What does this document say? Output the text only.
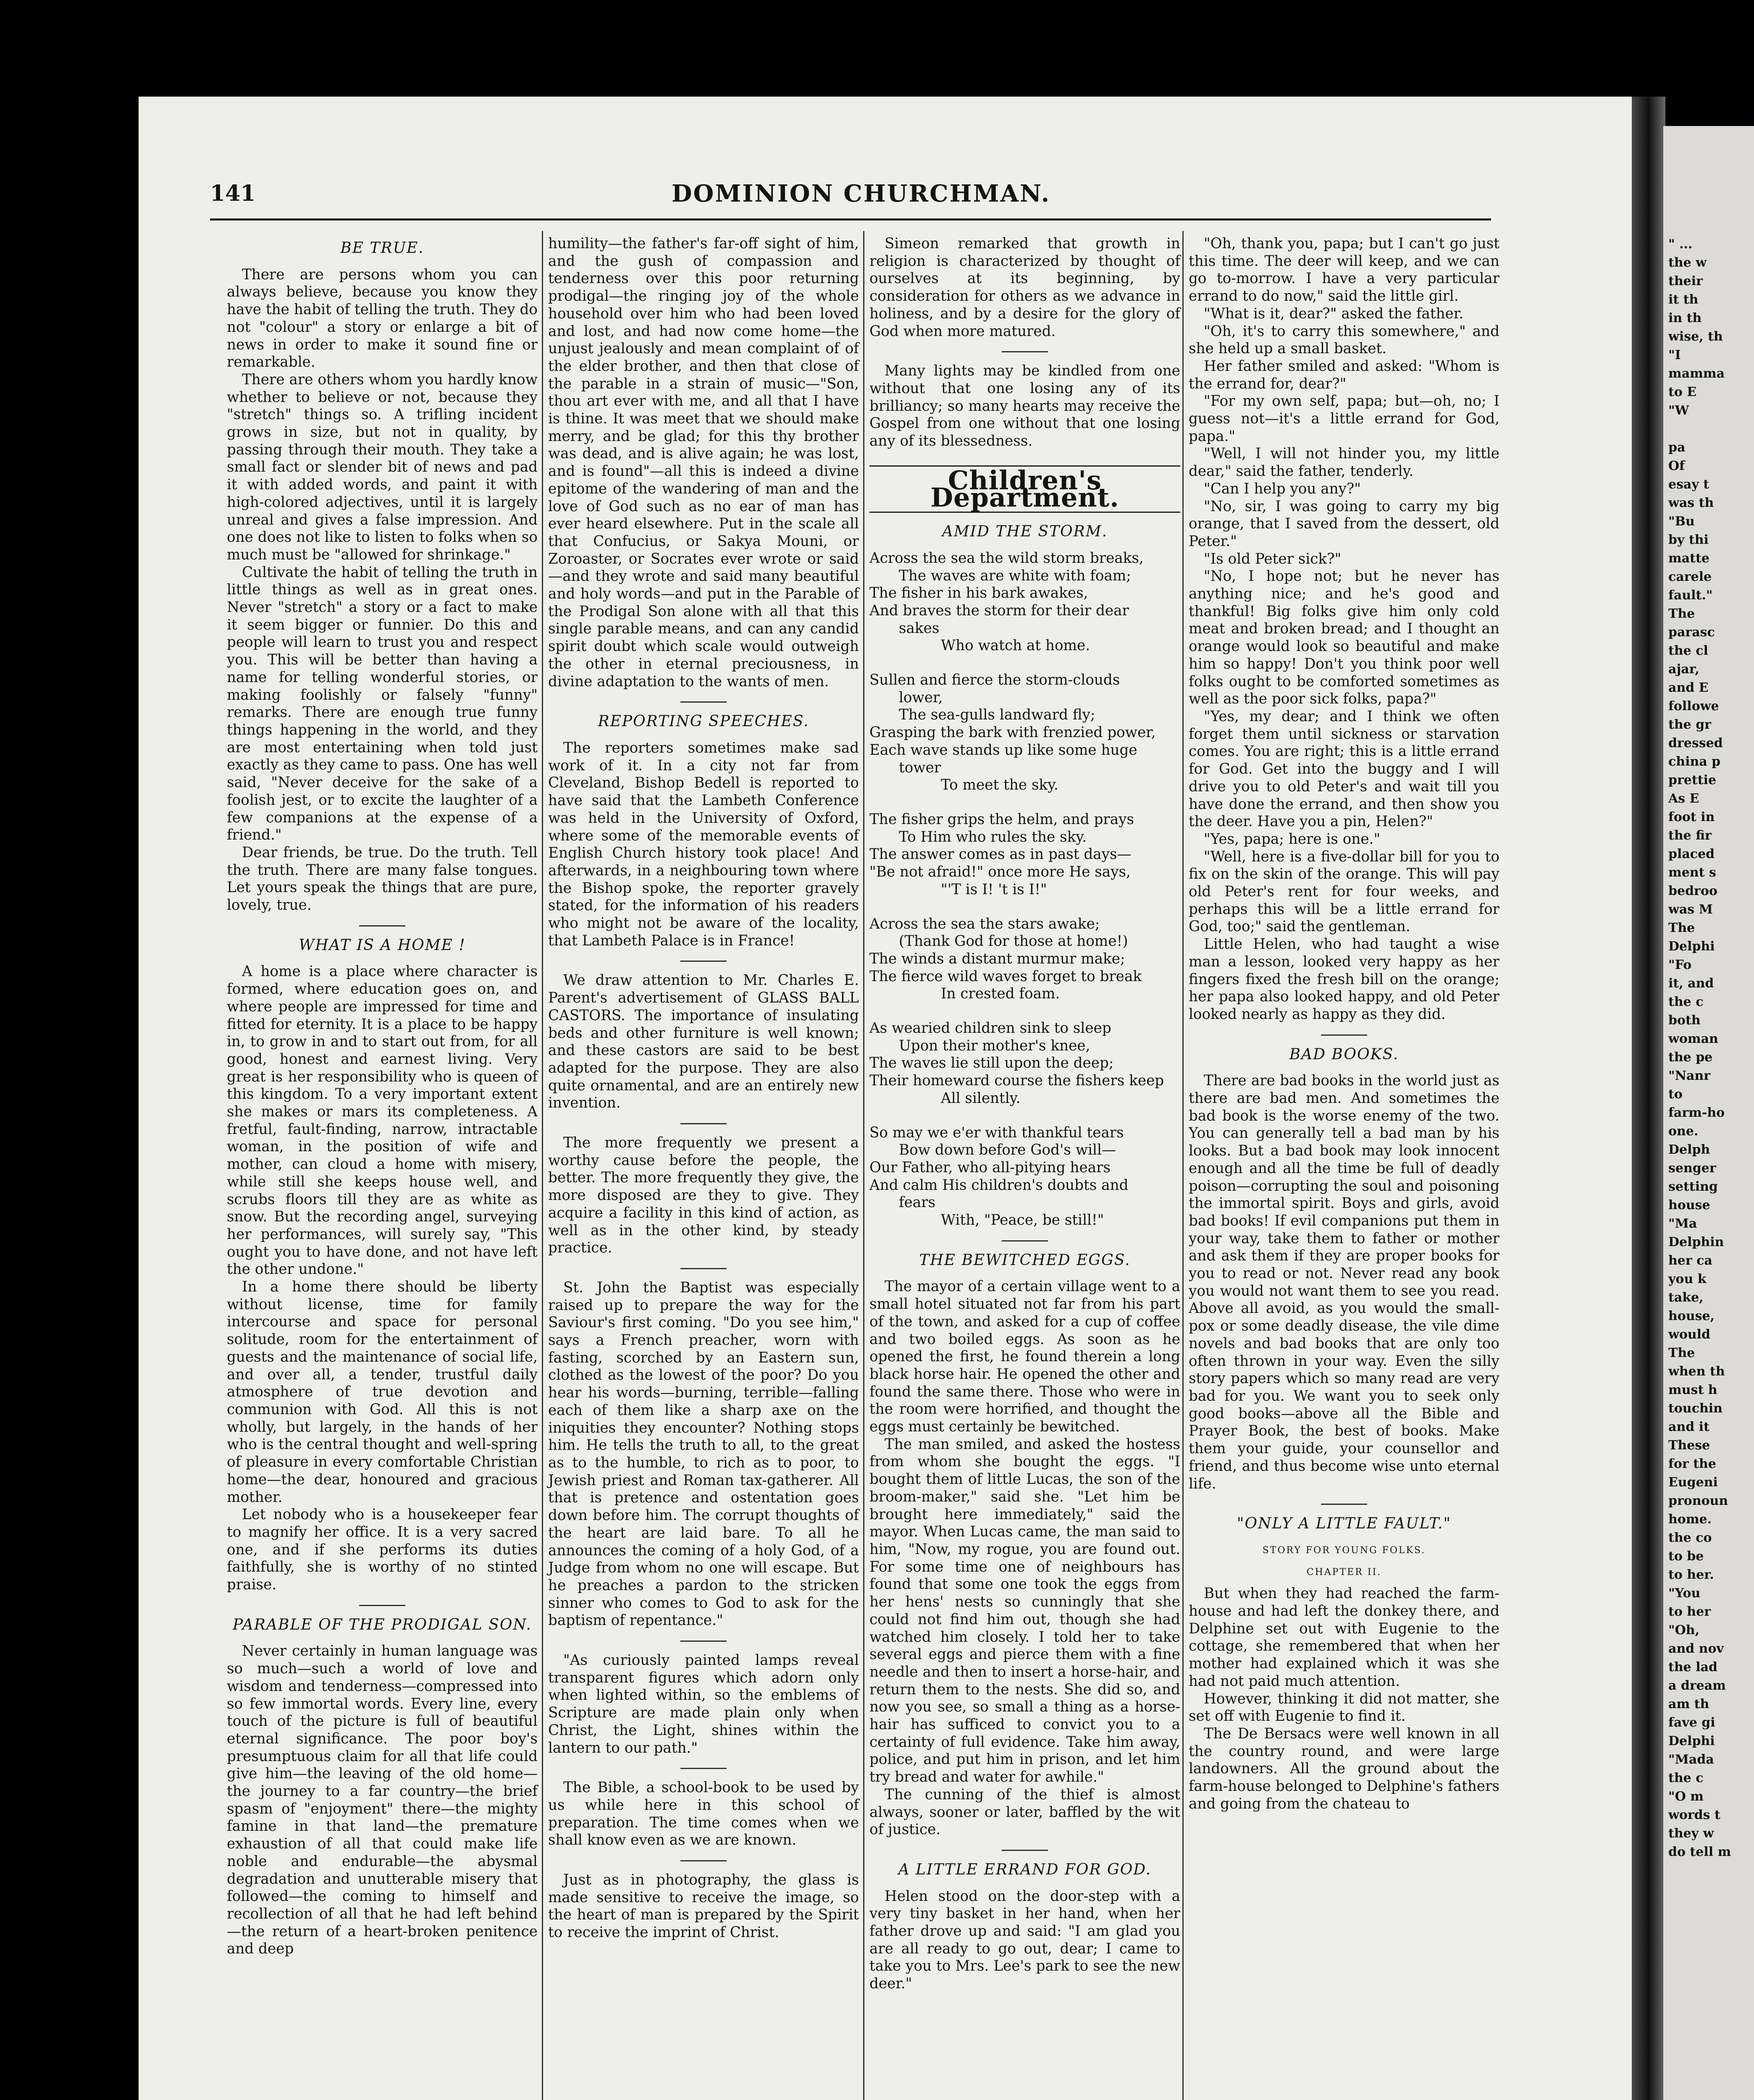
" ...
the w
their
it th
in th
wise, th
"I
mamma
to E
"W

pa
Of
esay t
was th
"Bu
by thi
matte
carele
fault."
The
parasc
the cl
ajar,
and E
followe
the gr
dressed
china p
prettie
As E
foot in
the fir
placed
ment s
bedroo
was M
The
Delphi
"Fo
it, and
the c
both
woman
the pe
"Nanr
to
farm-ho
one.
Delph
senger
setting
house
"Ma
Delphin
her ca
you k
take,
house,
would
The
when th
must h
touchin
and it
These
for the
Eugeni
pronoun
home.
the co
to be
to her.
"You
to her
"Oh,
and nov
the lad
a dream
am th
fave gi
Delphi
"Mada
the c
"O m
words t
they w
do tell m
141	DOMINION CHURCHMAN.
BE TRUE.

There are persons whom you can always believe, because you know they have the habit of telling the truth. They do not "colour" a story or enlarge a bit of news in order to make it sound fine or remarkable.

There are others whom you hardly know whether to believe or not, because they "stretch" things so. A trifling incident grows in size, but not in quality, by passing through their mouth. They take a small fact or slender bit of news and pad it with added words, and paint it with high-colored adjectives, until it is largely unreal and gives a false impression. And one does not like to listen to folks when so much must be "allowed for shrinkage."

Cultivate the habit of telling the truth in little things as well as in great ones. Never "stretch" a story or a fact to make it seem bigger or funnier. Do this and people will learn to trust you and respect you. This will be better than having a name for telling wonderful stories, or making foolishly or falsely "funny" remarks. There are enough true funny things happening in the world, and they are most entertaining when told just exactly as they came to pass. One has well said, "Never deceive for the sake of a foolish jest, or to excite the laughter of a few companions at the expense of a friend."

Dear friends, be true. Do the truth. Tell the truth. There are many false tongues. Let yours speak the things that are pure, lovely, true.

WHAT IS A HOME !

A home is a place where character is formed, where education goes on, and where people are impressed for time and fitted for eternity. It is a place to be happy in, to grow in and to start out from, for all good, honest and earnest living. Very great is her responsibility who is queen of this kingdom. To a very important extent she makes or mars its completeness. A fretful, fault-finding, narrow, intractable woman, in the position of wife and mother, can cloud a home with misery, while still she keeps house well, and scrubs floors till they are as white as snow. But the recording angel, surveying her performances, will surely say, "This ought you to have done, and not have left the other undone."

In a home there should be liberty without license, time for family intercourse and space for personal solitude, room for the entertainment of guests and the maintenance of social life, and over all, a tender, trustful daily atmosphere of true devotion and communion with God. All this is not wholly, but largely, in the hands of her who is the central thought and well-spring of pleasure in every comfortable Christian home—the dear, honoured and gracious mother.

Let nobody who is a housekeeper fear to magnify her office. It is a very sacred one, and if she performs its duties faithfully, she is worthy of no stinted praise.

PARABLE OF THE PRODIGAL SON.

Never certainly in human language was so much—such a world of love and wisdom and tenderness—compressed into so few immortal words. Every line, every touch of the picture is full of beautiful eternal significance. The poor boy's presumptuous claim for all that life could give him—the leaving of the old home—the journey to a far country—the brief spasm of "enjoyment" there—the mighty famine in that land—the premature exhaustion of all that could make life noble and endurable—the abysmal degradation and unutterable misery that followed—the coming to himself and recollection of all that he had left behind—the return of a heart-broken penitence and deep

humility—the father's far-off sight of him, and the gush of compassion and tenderness over this poor returning prodigal—the ringing joy of the whole household over him who had been loved and lost, and had now come home—the unjust jealously and mean complaint of of the elder brother, and then that close of the parable in a strain of music—"Son, thou art ever with me, and all that I have is thine. It was meet that we should make merry, and be glad; for this thy brother was dead, and is alive again; he was lost, and is found"—all this is indeed a divine epitome of the wandering of man and the love of God such as no ear of man has ever heard elsewhere. Put in the scale all that Confucius, or Sakya Mouni, or Zoroaster, or Socrates ever wrote or said—and they wrote and said many beautiful and holy words—and put in the Parable of the Prodigal Son alone with all that this single parable means, and can any candid spirit doubt which scale would outweigh the other in eternal preciousness, in divine adaptation to the wants of men.

REPORTING SPEECHES.

The reporters sometimes make sad work of it. In a city not far from Cleveland, Bishop Bedell is reported to have said that the Lambeth Conference was held in the University of Oxford, where some of the memorable events of English Church history took place! And afterwards, in a neighbouring town where the Bishop spoke, the reporter gravely stated, for the information of his readers who might not be aware of the locality, that Lambeth Palace is in France!

We draw attention to Mr. Charles E. Parent's advertisement of GLASS BALL CASTORS. The importance of insulating beds and other furniture is well known; and these castors are said to be best adapted for the purpose. They are also quite ornamental, and are an entirely new invention.

The more frequently we present a worthy cause before the people, the better. The more frequently they give, the more disposed are they to give. They acquire a facility in this kind of action, as well as in the other kind, by steady practice.

St. John the Baptist was especially raised up to prepare the way for the Saviour's first coming. "Do you see him," says a French preacher, worn with fasting, scorched by an Eastern sun, clothed as the lowest of the poor? Do you hear his words—burning, terrible—falling each of them like a sharp axe on the iniquities they encounter? Nothing stops him. He tells the truth to all, to the great as to the humble, to rich as to poor, to Jewish priest and Roman tax-gatherer. All that is pretence and ostentation goes down before him. The corrupt thoughts of the heart are laid bare. To all he announces the coming of a holy God, of a Judge from whom no one will escape. But he preaches a pardon to the stricken sinner who comes to God to ask for the baptism of repentance."

"As curiously painted lamps reveal transparent figures which adorn only when lighted within, so the emblems of Scripture are made plain only when Christ, the Light, shines within the lantern to our path."

The Bible, a school-book to be used by us while here in this school of preparation. The time comes when we shall know even as we are known.

Just as in photography, the glass is made sensitive to receive the image, so the heart of man is prepared by the Spirit to receive the imprint of Christ.

Simeon remarked that growth in religion is characterized by thought of ourselves at its beginning, by consideration for others as we advance in holiness, and by a desire for the glory of God when more matured.

Many lights may be kindled from one without that one losing any of its brilliancy; so many hearts may receive the Gospel from one without that one losing any of its blessedness.

Children's Department.
AMID THE STORM.

Across the sea the wild storm breaks,

The waves are white with foam;

The fisher in his bark awakes,

And braves the storm for their dear

sakes

Who watch at home.

Sullen and fierce the storm-clouds

lower,

The sea-gulls landward fly;

Grasping the bark with frenzied power,

Each wave stands up like some huge

tower

To meet the sky.

The fisher grips the helm, and prays

To Him who rules the sky.

The answer comes as in past days—

"Be not afraid!" once more He says,

"'T is I! 't is I!"

Across the sea the stars awake;

(Thank God for those at home!)

The winds a distant murmur make;

The fierce wild waves forget to break

In crested foam.

As wearied children sink to sleep

Upon their mother's knee,

The waves lie still upon the deep;

Their homeward course the fishers keep

All silently.

So may we e'er with thankful tears

Bow down before God's will—

Our Father, who all-pitying hears

And calm His children's doubts and

fears

With, "Peace, be still!"

THE BEWITCHED EGGS.

The mayor of a certain village went to a small hotel situated not far from his part of the town, and asked for a cup of coffee and two boiled eggs. As soon as he opened the first, he found therein a long black horse hair. He opened the other and found the same there. Those who were in the room were horrified, and thought the eggs must certainly be bewitched.

The man smiled, and asked the hostess from whom she bought the eggs. "I bought them of little Lucas, the son of the broom-maker," said she. "Let him be brought here immediately," said the mayor. When Lucas came, the man said to him, "Now, my rogue, you are found out. For some time one of neighbours has found that some one took the eggs from her hens' nests so cunningly that she could not find him out, though she had watched him closely. I told her to take several eggs and pierce them with a fine needle and then to insert a horse-hair, and return them to the nests. She did so, and now you see, so small a thing as a horse-hair has sufficed to convict you to a certainty of full evidence. Take him away, police, and put him in prison, and let him try bread and water for awhile."

The cunning of the thief is almost always, sooner or later, baffled by the wit of justice.

A LITTLE ERRAND FOR GOD.

Helen stood on the door-step with a very tiny basket in her hand, when her father drove up and said: "I am glad you are all ready to go out, dear; I came to take you to Mrs. Lee's park to see the new deer."

"Oh, thank you, papa; but I can't go just this time. The deer will keep, and we can go to-morrow. I have a very particular errand to do now," said the little girl.

"What is it, dear?" asked the father.

"Oh, it's to carry this somewhere," and she held up a small basket.

Her father smiled and asked: "Whom is the errand for, dear?"

"For my own self, papa; but—oh, no; I guess not—it's a little errand for God, papa."

"Well, I will not hinder you, my little dear," said the father, tenderly.

"Can I help you any?"

"No, sir, I was going to carry my big orange, that I saved from the dessert, old Peter."

"Is old Peter sick?"

"No, I hope not; but he never has anything nice; and he's good and thankful! Big folks give him only cold meat and broken bread; and I thought an orange would look so beautiful and make him so happy! Don't you think poor well folks ought to be comforted sometimes as well as the poor sick folks, papa?"

"Yes, my dear; and I think we often forget them until sickness or starvation comes. You are right; this is a little errand for God. Get into the buggy and I will drive you to old Peter's and wait till you have done the errand, and then show you the deer. Have you a pin, Helen?"

"Yes, papa; here is one."

"Well, here is a five-dollar bill for you to fix on the skin of the orange. This will pay old Peter's rent for four weeks, and perhaps this will be a little errand for God, too;" said the gentleman.

Little Helen, who had taught a wise man a lesson, looked very happy as her fingers fixed the fresh bill on the orange; her papa also looked happy, and old Peter looked nearly as happy as they did.

BAD BOOKS.

There are bad books in the world just as there are bad men. And sometimes the bad book is the worse enemy of the two. You can generally tell a bad man by his looks. But a bad book may look innocent enough and all the time be full of deadly poison—corrupting the soul and poisoning the immortal spirit. Boys and girls, avoid bad books! If evil companions put them in your way, take them to father or mother and ask them if they are proper books for you to read or not. Never read any book you would not want them to see you read. Above all avoid, as you would the small-pox or some deadly disease, the vile dime novels and bad books that are only too often thrown in your way. Even the silly story papers which so many read are very bad for you. We want you to seek only good books—above all the Bible and Prayer Book, the best of books. Make them your guide, your counsellor and friend, and thus become wise unto eternal life.

"ONLY A LITTLE FAULT."
STORY FOR YOUNG FOLKS.
CHAPTER II.

But when they had reached the farm-house and had left the donkey there, and Delphine set out with Eugenie to the cottage, she remembered that when her mother had explained which it was she had not paid much attention.

However, thinking it did not matter, she set off with Eugenie to find it.

The De Bersacs were well known in all the country round, and were large landowners. All the ground about the farm-house belonged to Delphine's fathers and going from the chateau to
